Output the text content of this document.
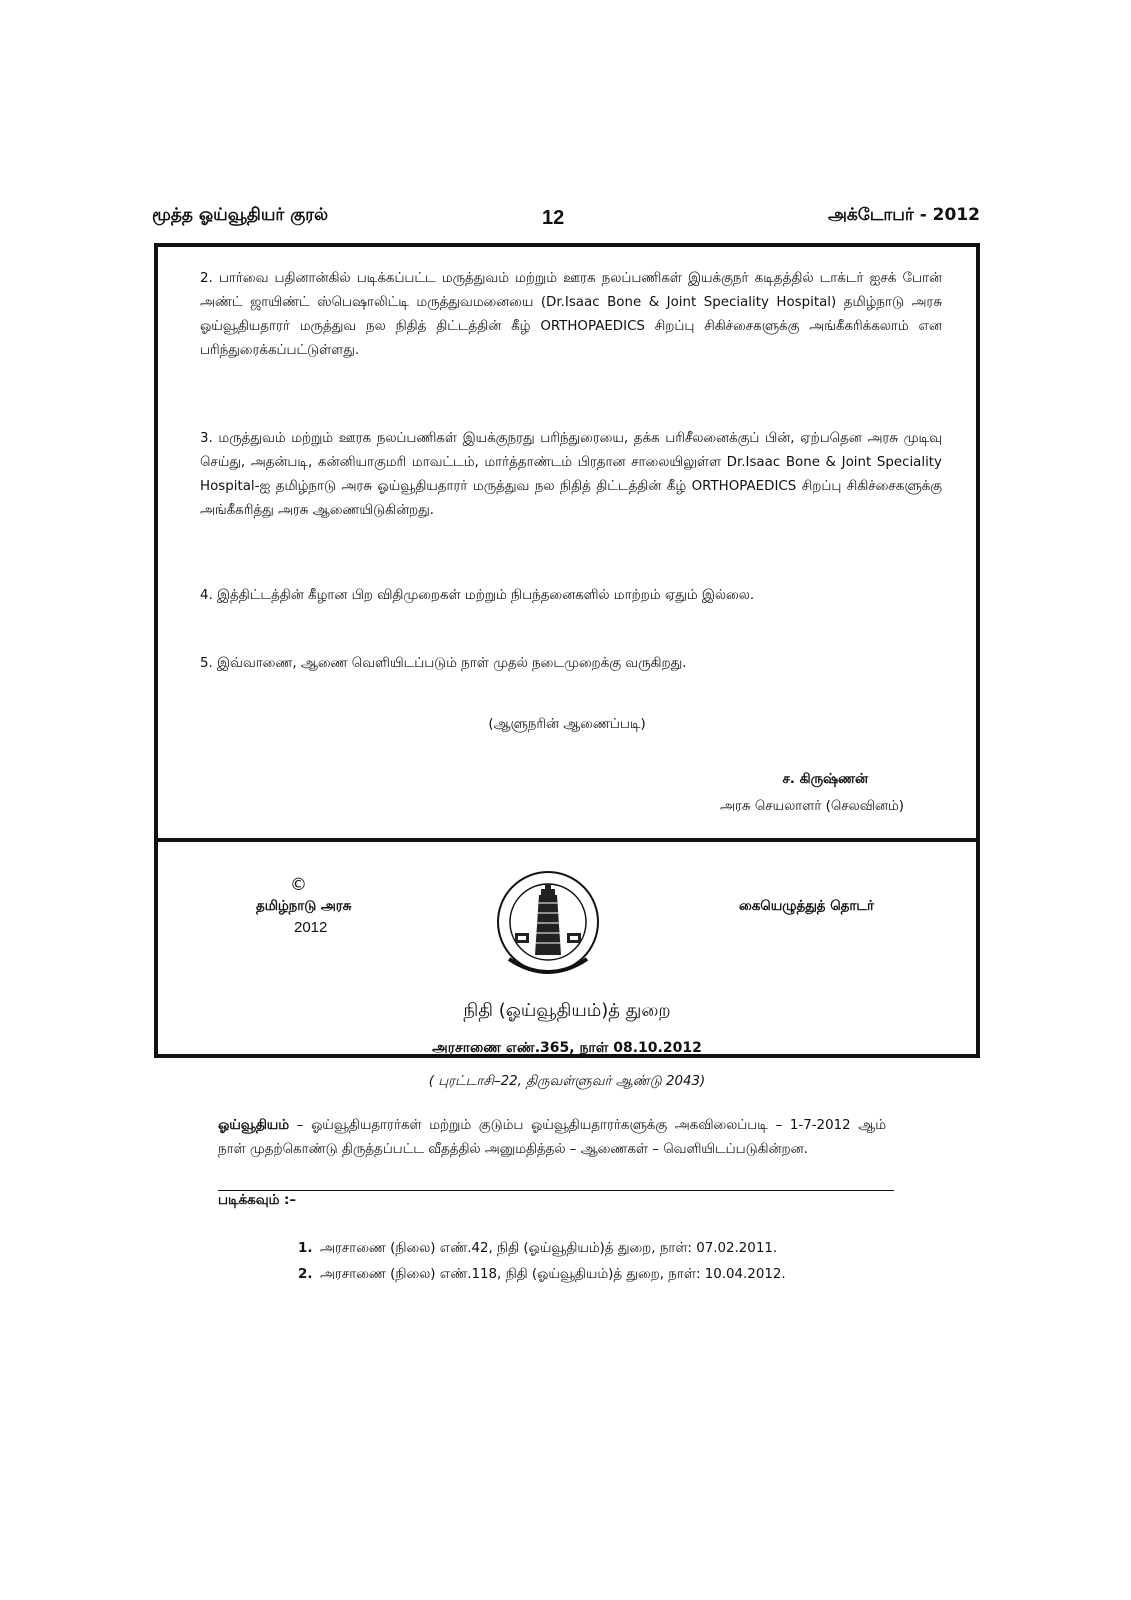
மூத்த ஓய்வூதியர் குரல்	12	அக்டோபர் - 2012

2. பார்வை பதினான்கில் படிக்கப்பட்ட மருத்துவம் மற்றும் ஊரக நலப்பணிகள் இயக்குநர் கடிதத்தில் டாக்டர் ஐசக் போன் அண்ட் ஜாயிண்ட் ஸ்பெஷாலிட்டி மருத்துவமனையை (Dr.Isaac Bone & Joint Speciality Hospital) தமிழ்நாடு அரசு ஓய்வூதியதாரர் மருத்துவ நல நிதித் திட்டத்தின் கீழ் ORTHOPAEDICS சிறப்பு சிகிச்சைகளுக்கு அங்கீகரிக்கலாம் என பரிந்துரைக்கப்பட்டுள்ளது.

3. மருத்துவம் மற்றும் ஊரக நலப்பணிகள் இயக்குநரது பரிந்துரையை, தக்க பரிசீலனைக்குப் பின், ஏற்பதென அரசு முடிவு செய்து, அதன்படி, கன்னியாகுமரி மாவட்டம், மார்த்தாண்டம் பிரதான சாலையிலுள்ள Dr.Isaac Bone & Joint Speciality Hospital-ஐ தமிழ்நாடு அரசு ஓய்வூதியதாரர் மருத்துவ நல நிதித் திட்டத்தின் கீழ் ORTHOPAEDICS சிறப்பு சிகிச்சைகளுக்கு அங்கீகரித்து அரசு ஆணையிடுகின்றது.

4. இத்திட்டத்தின் கீழான பிற விதிமுறைகள் மற்றும் நிபந்தனைகளில் மாற்றம் ஏதும் இல்லை.

5. இவ்வாணை, ஆணை வெளியிடப்படும் நாள் முதல் நடைமுறைக்கு வருகிறது.

(ஆளுநரின் ஆணைப்படி)
ச. கிருஷ்ணன்
அரசு செயலாளர் (செலவினம்)
©
தமிழ்நாடு அரசு
2012
கையெழுத்துத் தொடர்
நிதி (ஓய்வூதியம்)த் துறை
அரசாணை எண்.365, நாள் 08.10.2012
( புரட்டாசி–22, திருவள்ளுவர் ஆண்டு 2043)

ஓய்வூதியம் – ஓய்வூதியதாரர்கள் மற்றும் குடும்ப ஓய்வூதியதாரர்களுக்கு அகவிலைப்படி – 1-7-2012 ஆம் நாள் முதற்கொண்டு திருத்தப்பட்ட வீதத்தில் அனுமதித்தல் – ஆணைகள் – வெளியிடப்படுகின்றன.

படிக்கவும் :–
1. அரசாணை (நிலை) எண்.42, நிதி (ஓய்வூதியம்)த் துறை, நாள்: 07.02.2011.
2. அரசாணை (நிலை) எண்.118, நிதி (ஓய்வூதியம்)த் துறை, நாள்: 10.04.2012.
